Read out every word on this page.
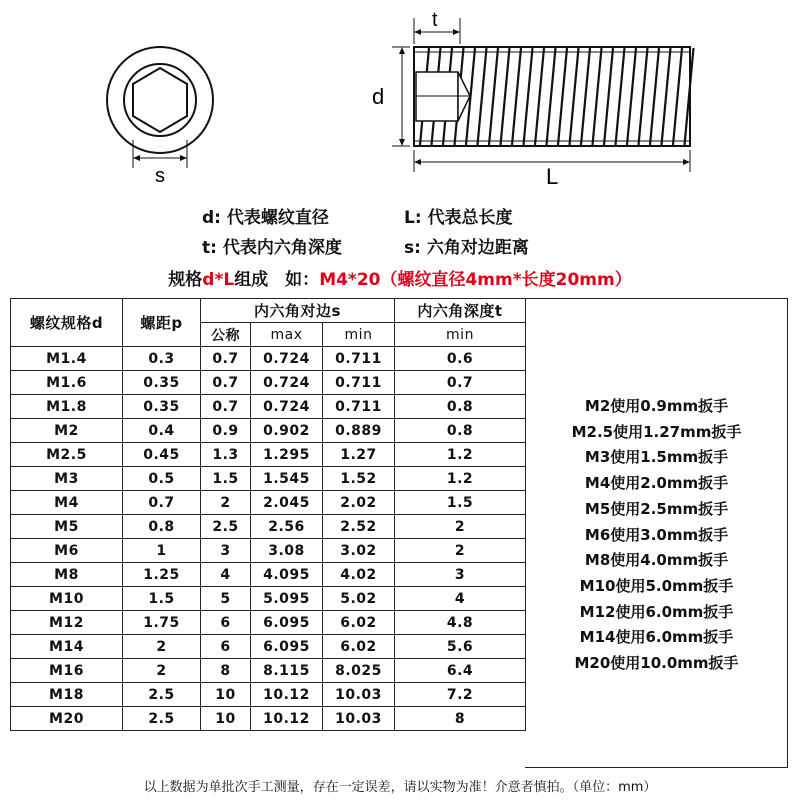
s
t
d
L
d: 代表螺纹直径	L: 代表总长度
t: 代表内六角深度	s: 六角对边距离
规格d*L组成　如：M4*20（螺纹直径4mm*长度20mm）
螺纹规格d	螺距p	内六角对边s			内六角深度t
		公称	max	min	min
M1.4	0.3	0.7	0.724	0.711	0.6
M1.6	0.35	0.7	0.724	0.711	0.7
M1.8	0.35	0.7	0.724	0.711	0.8
M2	0.4	0.9	0.902	0.889	0.8
M2.5	0.45	1.3	1.295	1.27	1.2
M3	0.5	1.5	1.545	1.52	1.2
M4	0.7	2	2.045	2.02	1.5
M5	0.8	2.5	2.56	2.52	2
M6	1	3	3.08	3.02	2
M8	1.25	4	4.095	4.02	3
M10	1.5	5	5.095	5.02	4
M12	1.75	6	6.095	6.02	4.8
M14	2	6	6.095	6.02	5.6
M16	2	8	8.115	8.025	6.4
M18	2.5	10	10.12	10.03	7.2
M20	2.5	10	10.12	10.03	8
M2使用0.9mm扳手
M2.5使用1.27mm扳手
M3使用1.5mm扳手
M4使用2.0mm扳手
M5使用2.5mm扳手
M6使用3.0mm扳手
M8使用4.0mm扳手
M10使用5.0mm扳手
M12使用6.0mm扳手
M14使用6.0mm扳手
M20使用10.0mm扳手
以上数据为单批次手工测量，存在一定误差，请以实物为准！介意者慎拍。（单位：mm）
